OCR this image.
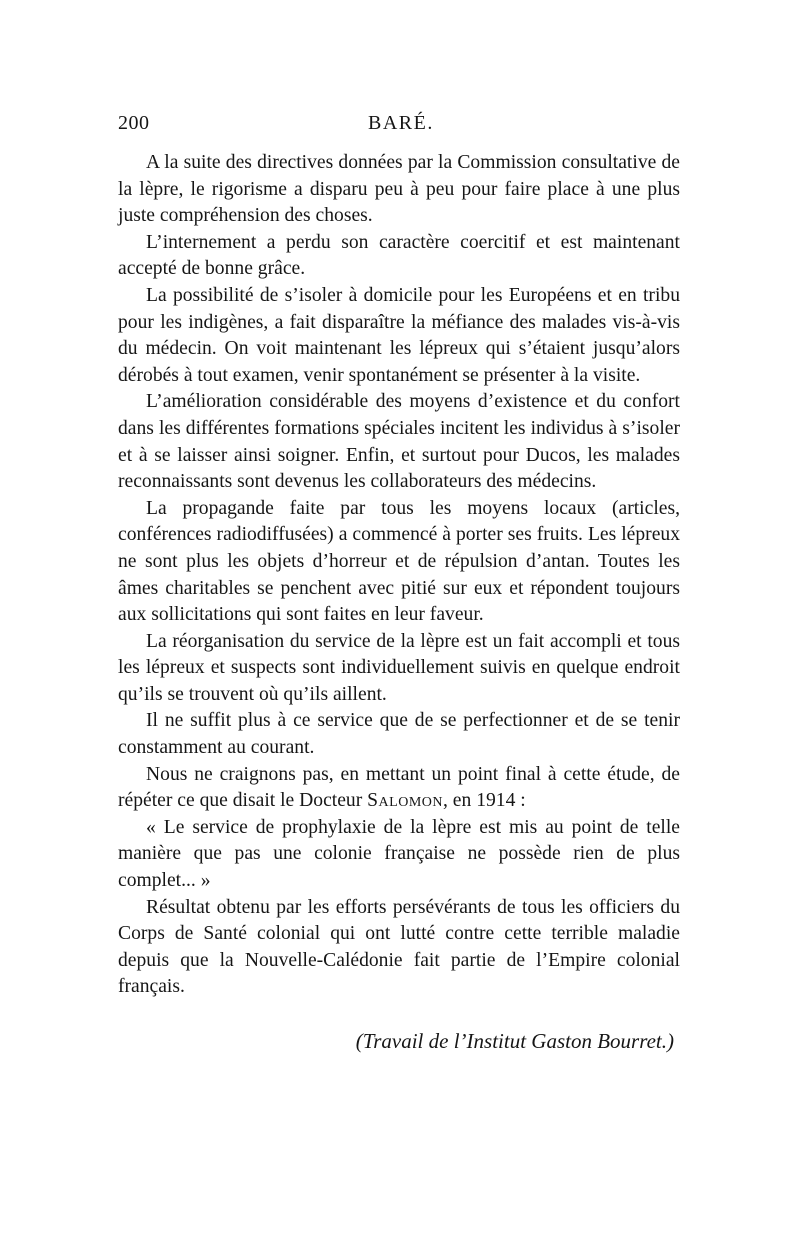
200	BARÉ.

A la suite des directives données par la Commission consultative de la lèpre, le rigorisme a disparu peu à peu pour faire place à une plus juste compréhension des choses.

L’internement a perdu son caractère coercitif et est maintenant accepté de bonne grâce.

La possibilité de s’isoler à domicile pour les Européens et en tribu pour les indigènes, a fait disparaître la méfiance des malades vis-à-vis du médecin. On voit maintenant les lépreux qui s’étaient jusqu’alors dérobés à tout examen, venir spontanément se présenter à la visite.

L’amélioration considérable des moyens d’existence et du confort dans les différentes formations spéciales incitent les individus à s’isoler et à se laisser ainsi soigner. Enfin, et surtout pour Ducos, les malades reconnaissants sont devenus les collaborateurs des médecins.

La propagande faite par tous les moyens locaux (articles, conférences radiodiffusées) a commencé à porter ses fruits. Les lépreux ne sont plus les objets d’horreur et de répulsion d’antan. Toutes les âmes charitables se penchent avec pitié sur eux et répondent toujours aux sollicitations qui sont faites en leur faveur.

La réorganisation du service de la lèpre est un fait accompli et tous les lépreux et suspects sont individuellement suivis en quelque endroit qu’ils se trouvent où qu’ils aillent.

Il ne suffit plus à ce service que de se perfectionner et de se tenir constamment au courant.

Nous ne craignons pas, en mettant un point final à cette étude, de répéter ce que disait le Docteur Salomon, en 1914 :

« Le service de prophylaxie de la lèpre est mis au point de telle manière que pas une colonie française ne possède rien de plus complet... »

Résultat obtenu par les efforts persévérants de tous les officiers du Corps de Santé colonial qui ont lutté contre cette terrible maladie depuis que la Nouvelle-Calédonie fait partie de l’Empire colonial français.

(Travail de l’Institut Gaston Bourret.)
